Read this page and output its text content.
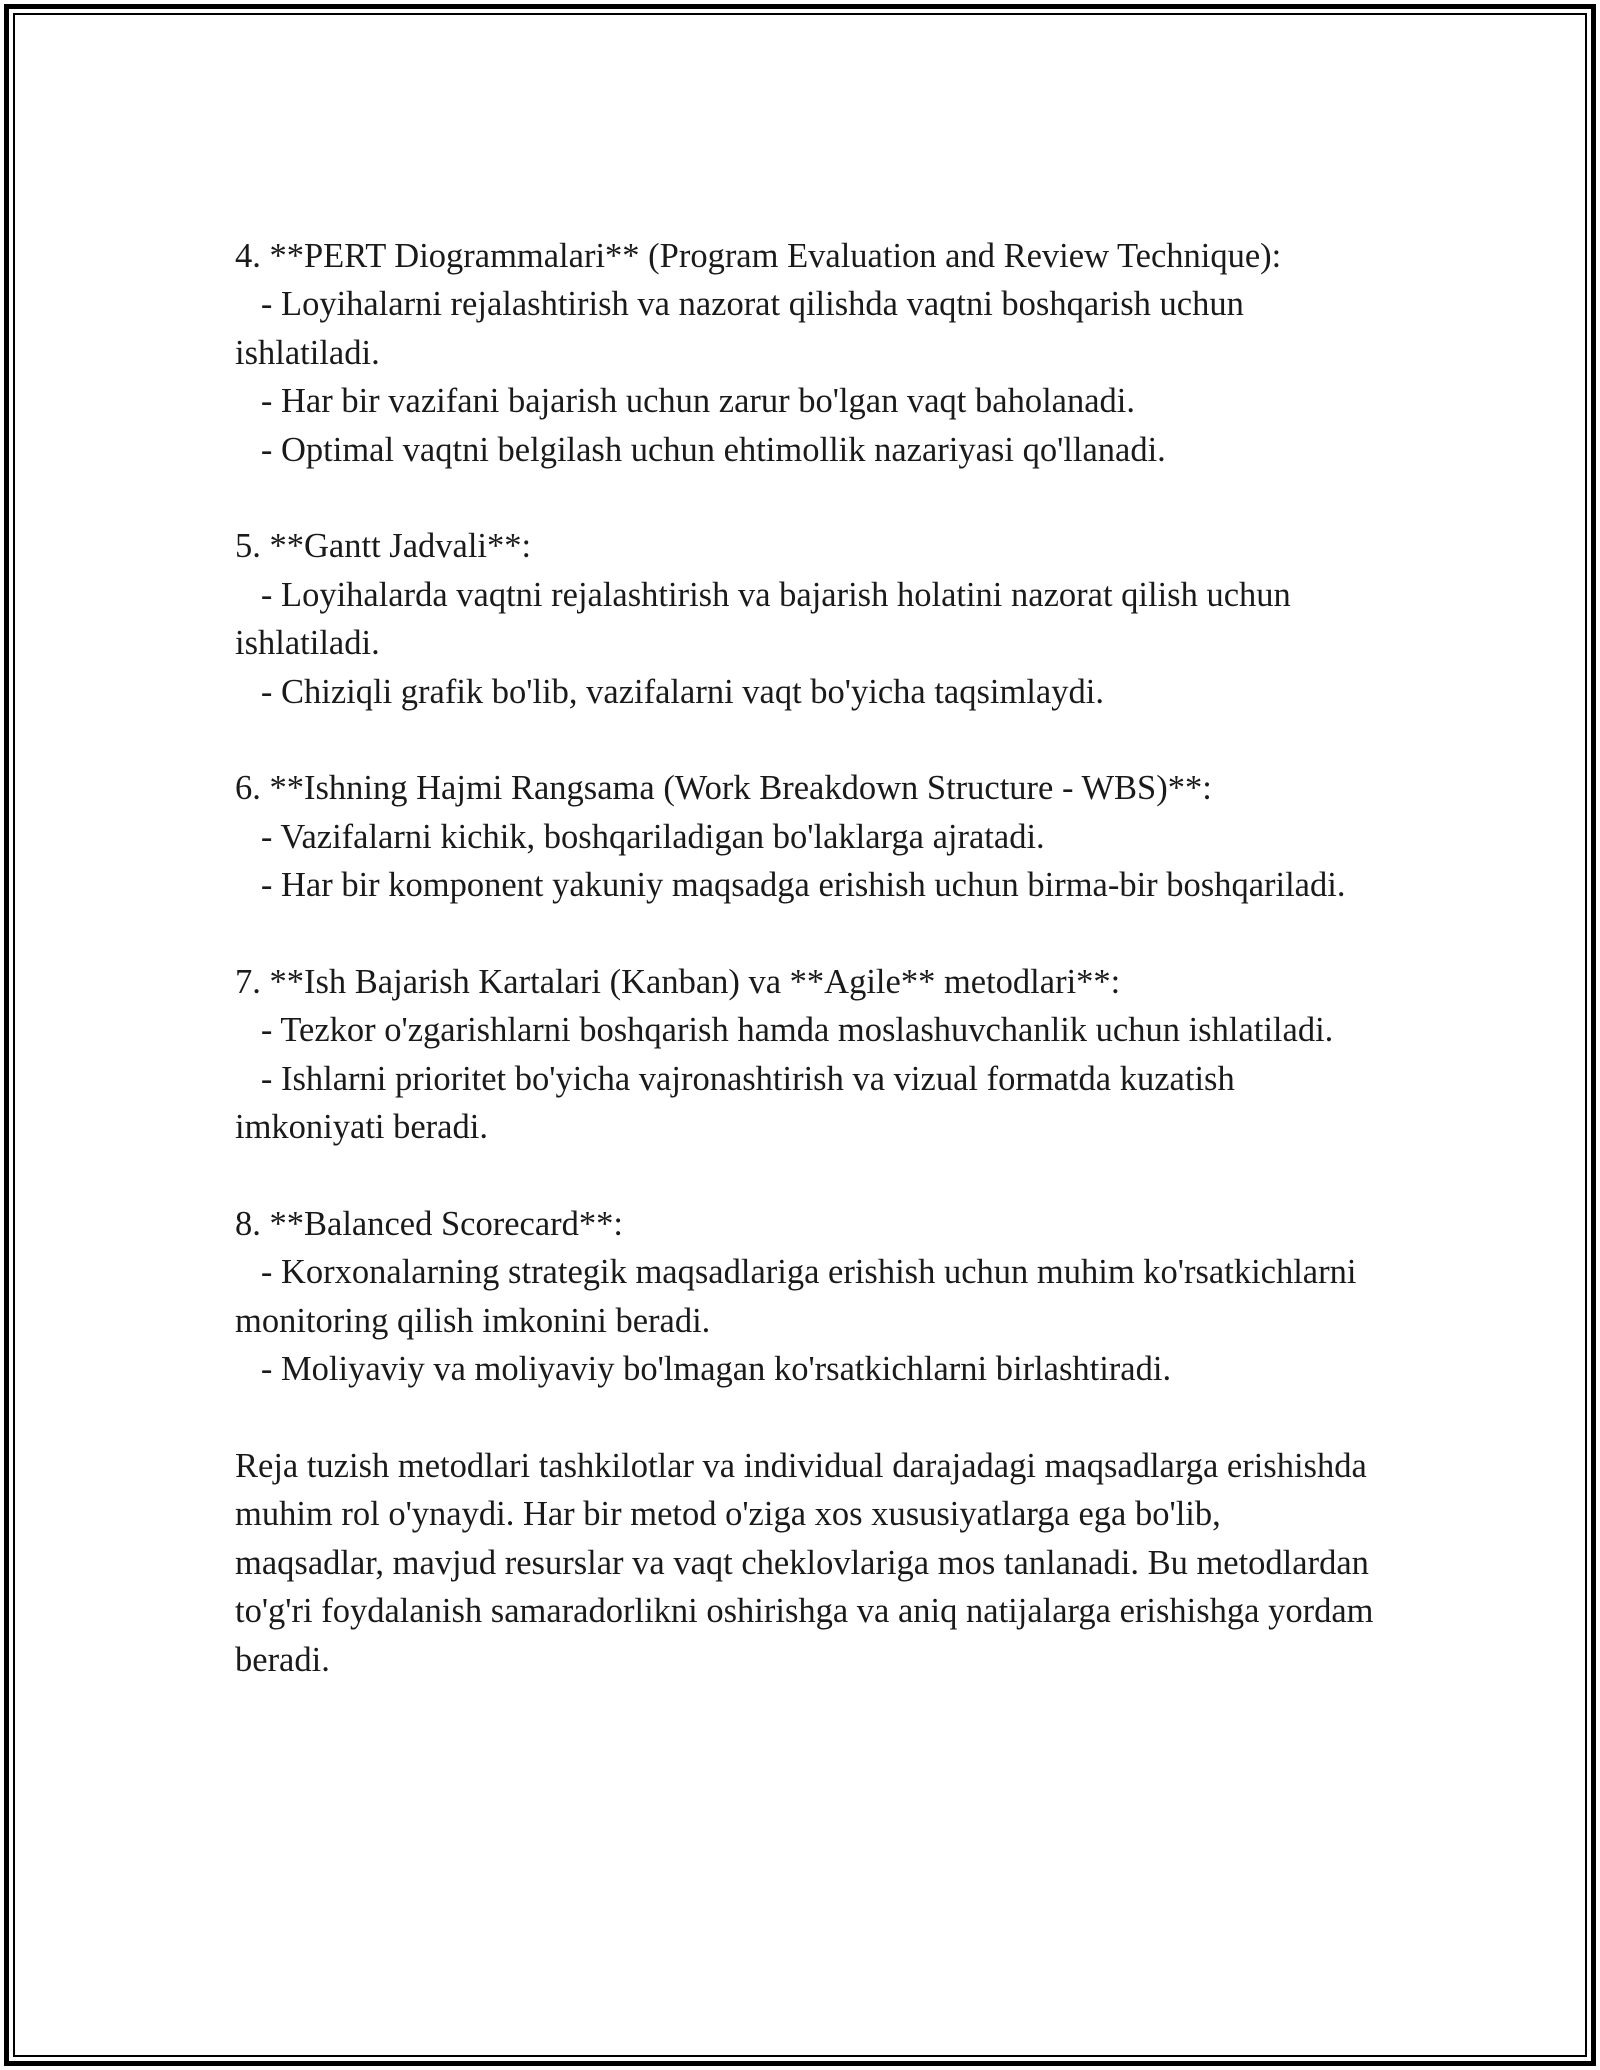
4. **PERT Diogrammalari** (Program Evaluation and Review Technique):

- Loyihalarni rejalashtirish va nazorat qilishda vaqtni boshqarish uchun ishlatiladi.

- Har bir vazifani bajarish uchun zarur bo'lgan vaqt baholanadi.

- Optimal vaqtni belgilash uchun ehtimollik nazariyasi qo'llanadi.

5. **Gantt Jadvali**:

- Loyihalarda vaqtni rejalashtirish va bajarish holatini nazorat qilish uchun ishlatiladi.

- Chiziqli grafik bo'lib, vazifalarni vaqt bo'yicha taqsimlaydi.

6. **Ishning Hajmi Rangsama (Work Breakdown Structure - WBS)**:

- Vazifalarni kichik, boshqariladigan bo'laklarga ajratadi.

- Har bir komponent yakuniy maqsadga erishish uchun birma-bir boshqariladi.

7. **Ish Bajarish Kartalari (Kanban) va **Agile** metodlari**:

- Tezkor o'zgarishlarni boshqarish hamda moslashuvchanlik uchun ishlatiladi.

- Ishlarni prioritet bo'yicha vajronashtirish va vizual formatda kuzatish imkoniyati beradi.

8. **Balanced Scorecard**:

- Korxonalarning strategik maqsadlariga erishish uchun muhim ko'rsatkichlarni monitoring qilish imkonini beradi.

- Moliyaviy va moliyaviy bo'lmagan ko'rsatkichlarni birlashtiradi.

Reja tuzish metodlari tashkilotlar va individual darajadagi maqsadlarga erishishda muhim rol o'ynaydi. Har bir metod o'ziga xos xususiyatlarga ega bo'lib, maqsadlar, mavjud resurslar va vaqt cheklovlariga mos tanlanadi. Bu metodlardan to'g'ri foydalanish samaradorlikni oshirishga va aniq natijalarga erishishga yordam beradi.
